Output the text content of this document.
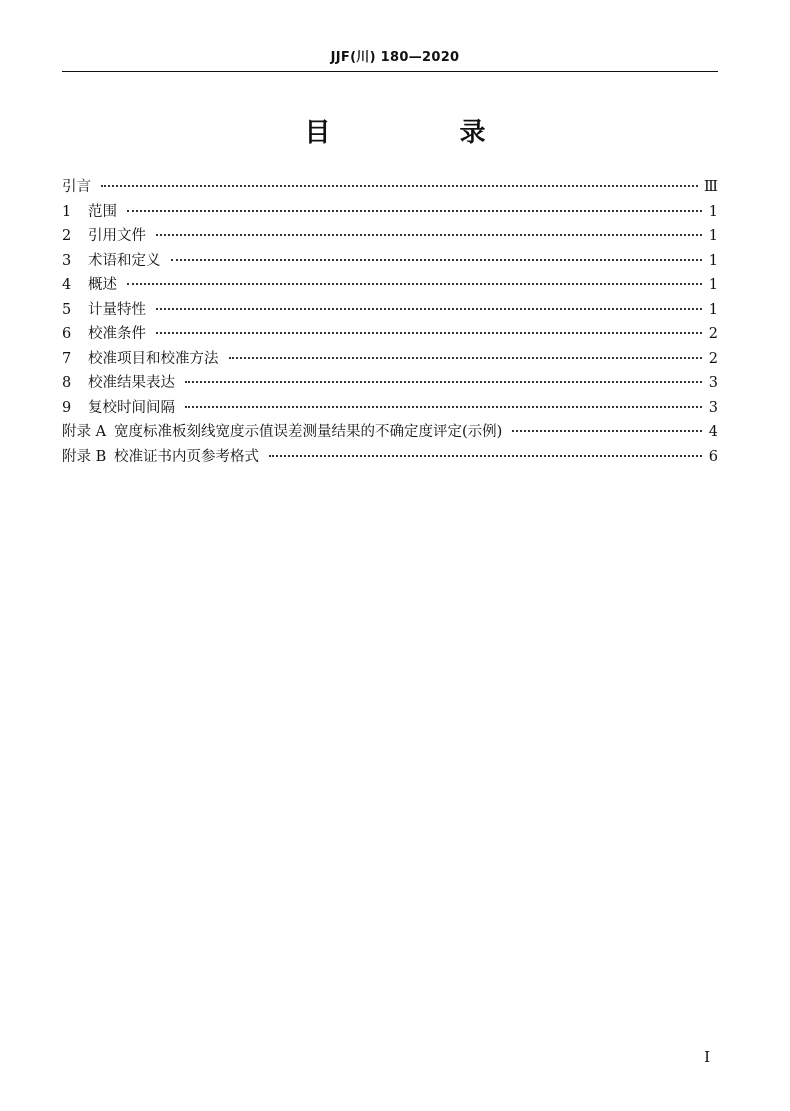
JJF(川) 180—2020
目 录
引言	Ⅲ
1 范围	1
2 引用文件	1
3 术语和定义	1
4 概述	1
5 计量特性	1
6 校准条件	2
7 校准项目和校准方法	2
8 校准结果表达	3
9 复校时间间隔	3
附录 A 宽度标准板刻线宽度示值误差测量结果的不确定度评定(示例)	4
附录 B 校准证书内页参考格式	6
I
